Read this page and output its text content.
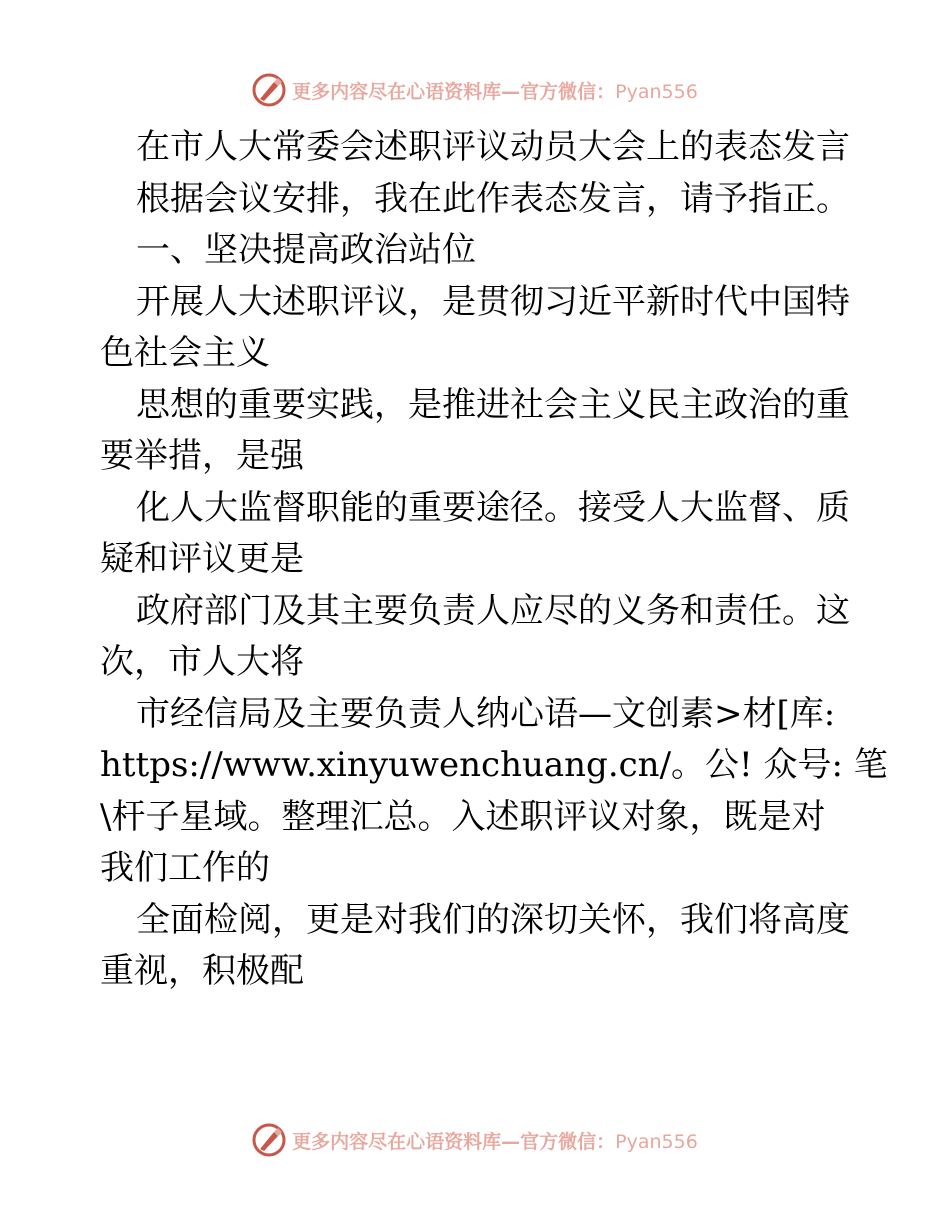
更多内容尽在心语资料库—官方微信：Pyan556
在市人大常委会述职评议动员大会上的表态发言
根据会议安排，我在此作表态发言，请予指正。
一、坚决提高政治站位
开展人大述职评议，是贯彻习近平新时代中国特
色社会主义
思想的重要实践，是推进社会主义民主政治的重
要举措，是强
化人大监督职能的重要途径。接受人大监督、质
疑和评议更是
政府部门及其主要负责人应尽的义务和责任。这
次，市人大将
市经信局及主要负责人纳心语—文创素>材[库:
https://www.xinyuwenchuang.cn/。公! 众号: 笔
\杆子星域。整理汇总。入述职评议对象，既是对
我们工作的
全面检阅，更是对我们的深切关怀，我们将高度
重视，积极配
更多内容尽在心语资料库—官方微信：Pyan556
